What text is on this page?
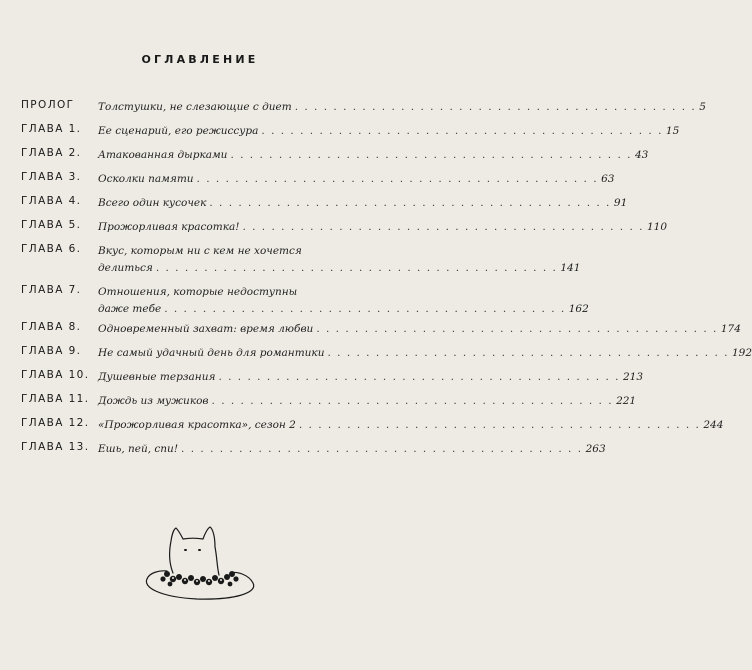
ОГЛАВЛЕНИЕ
ПРОЛОГ Толстушки, не слезающие с диет . . . . . . . . . . . . . . . . . . . . . . . . . . . . . . . . . . . . . . . . . . 5
ГЛАВА 1. Ее сценарий, его режиссура . . . . . . . . . . . . . . . . . . . . . . . . . . . . . . . . . . . . . . . . . . 15
ГЛАВА 2. Атакованная дырками . . . . . . . . . . . . . . . . . . . . . . . . . . . . . . . . . . . . . . . . . . 43
ГЛАВА 3. Осколки памяти . . . . . . . . . . . . . . . . . . . . . . . . . . . . . . . . . . . . . . . . . . 63
ГЛАВА 4. Всего один кусочек . . . . . . . . . . . . . . . . . . . . . . . . . . . . . . . . . . . . . . . . . . 91
ГЛАВА 5. Прожорливая красотка! . . . . . . . . . . . . . . . . . . . . . . . . . . . . . . . . . . . . . . . . . . 110
ГЛАВА 6. Вкус, которым ни с кем не хочется
делиться . . . . . . . . . . . . . . . . . . . . . . . . . . . . . . . . . . . . . . . . . . 141
ГЛАВА 7. Отношения, которые недоступны
даже тебе . . . . . . . . . . . . . . . . . . . . . . . . . . . . . . . . . . . . . . . . . . 162
ГЛАВА 8. Одновременный захват: время любви . . . . . . . . . . . . . . . . . . . . . . . . . . . . . . . . . . . . . . . . . . 174
ГЛАВА 9. Не самый удачный день для романтики . . . . . . . . . . . . . . . . . . . . . . . . . . . . . . . . . . . . . . . . . . 192
ГЛАВА 10. Душевные терзания . . . . . . . . . . . . . . . . . . . . . . . . . . . . . . . . . . . . . . . . . . 213
ГЛАВА 11. Дождь из мужиков . . . . . . . . . . . . . . . . . . . . . . . . . . . . . . . . . . . . . . . . . . 221
ГЛАВА 12. «Прожорливая красотка», сезон 2 . . . . . . . . . . . . . . . . . . . . . . . . . . . . . . . . . . . . . . . . . . 244
ГЛАВА 13. Ешь, пей, спи! . . . . . . . . . . . . . . . . . . . . . . . . . . . . . . . . . . . . . . . . . . 263
